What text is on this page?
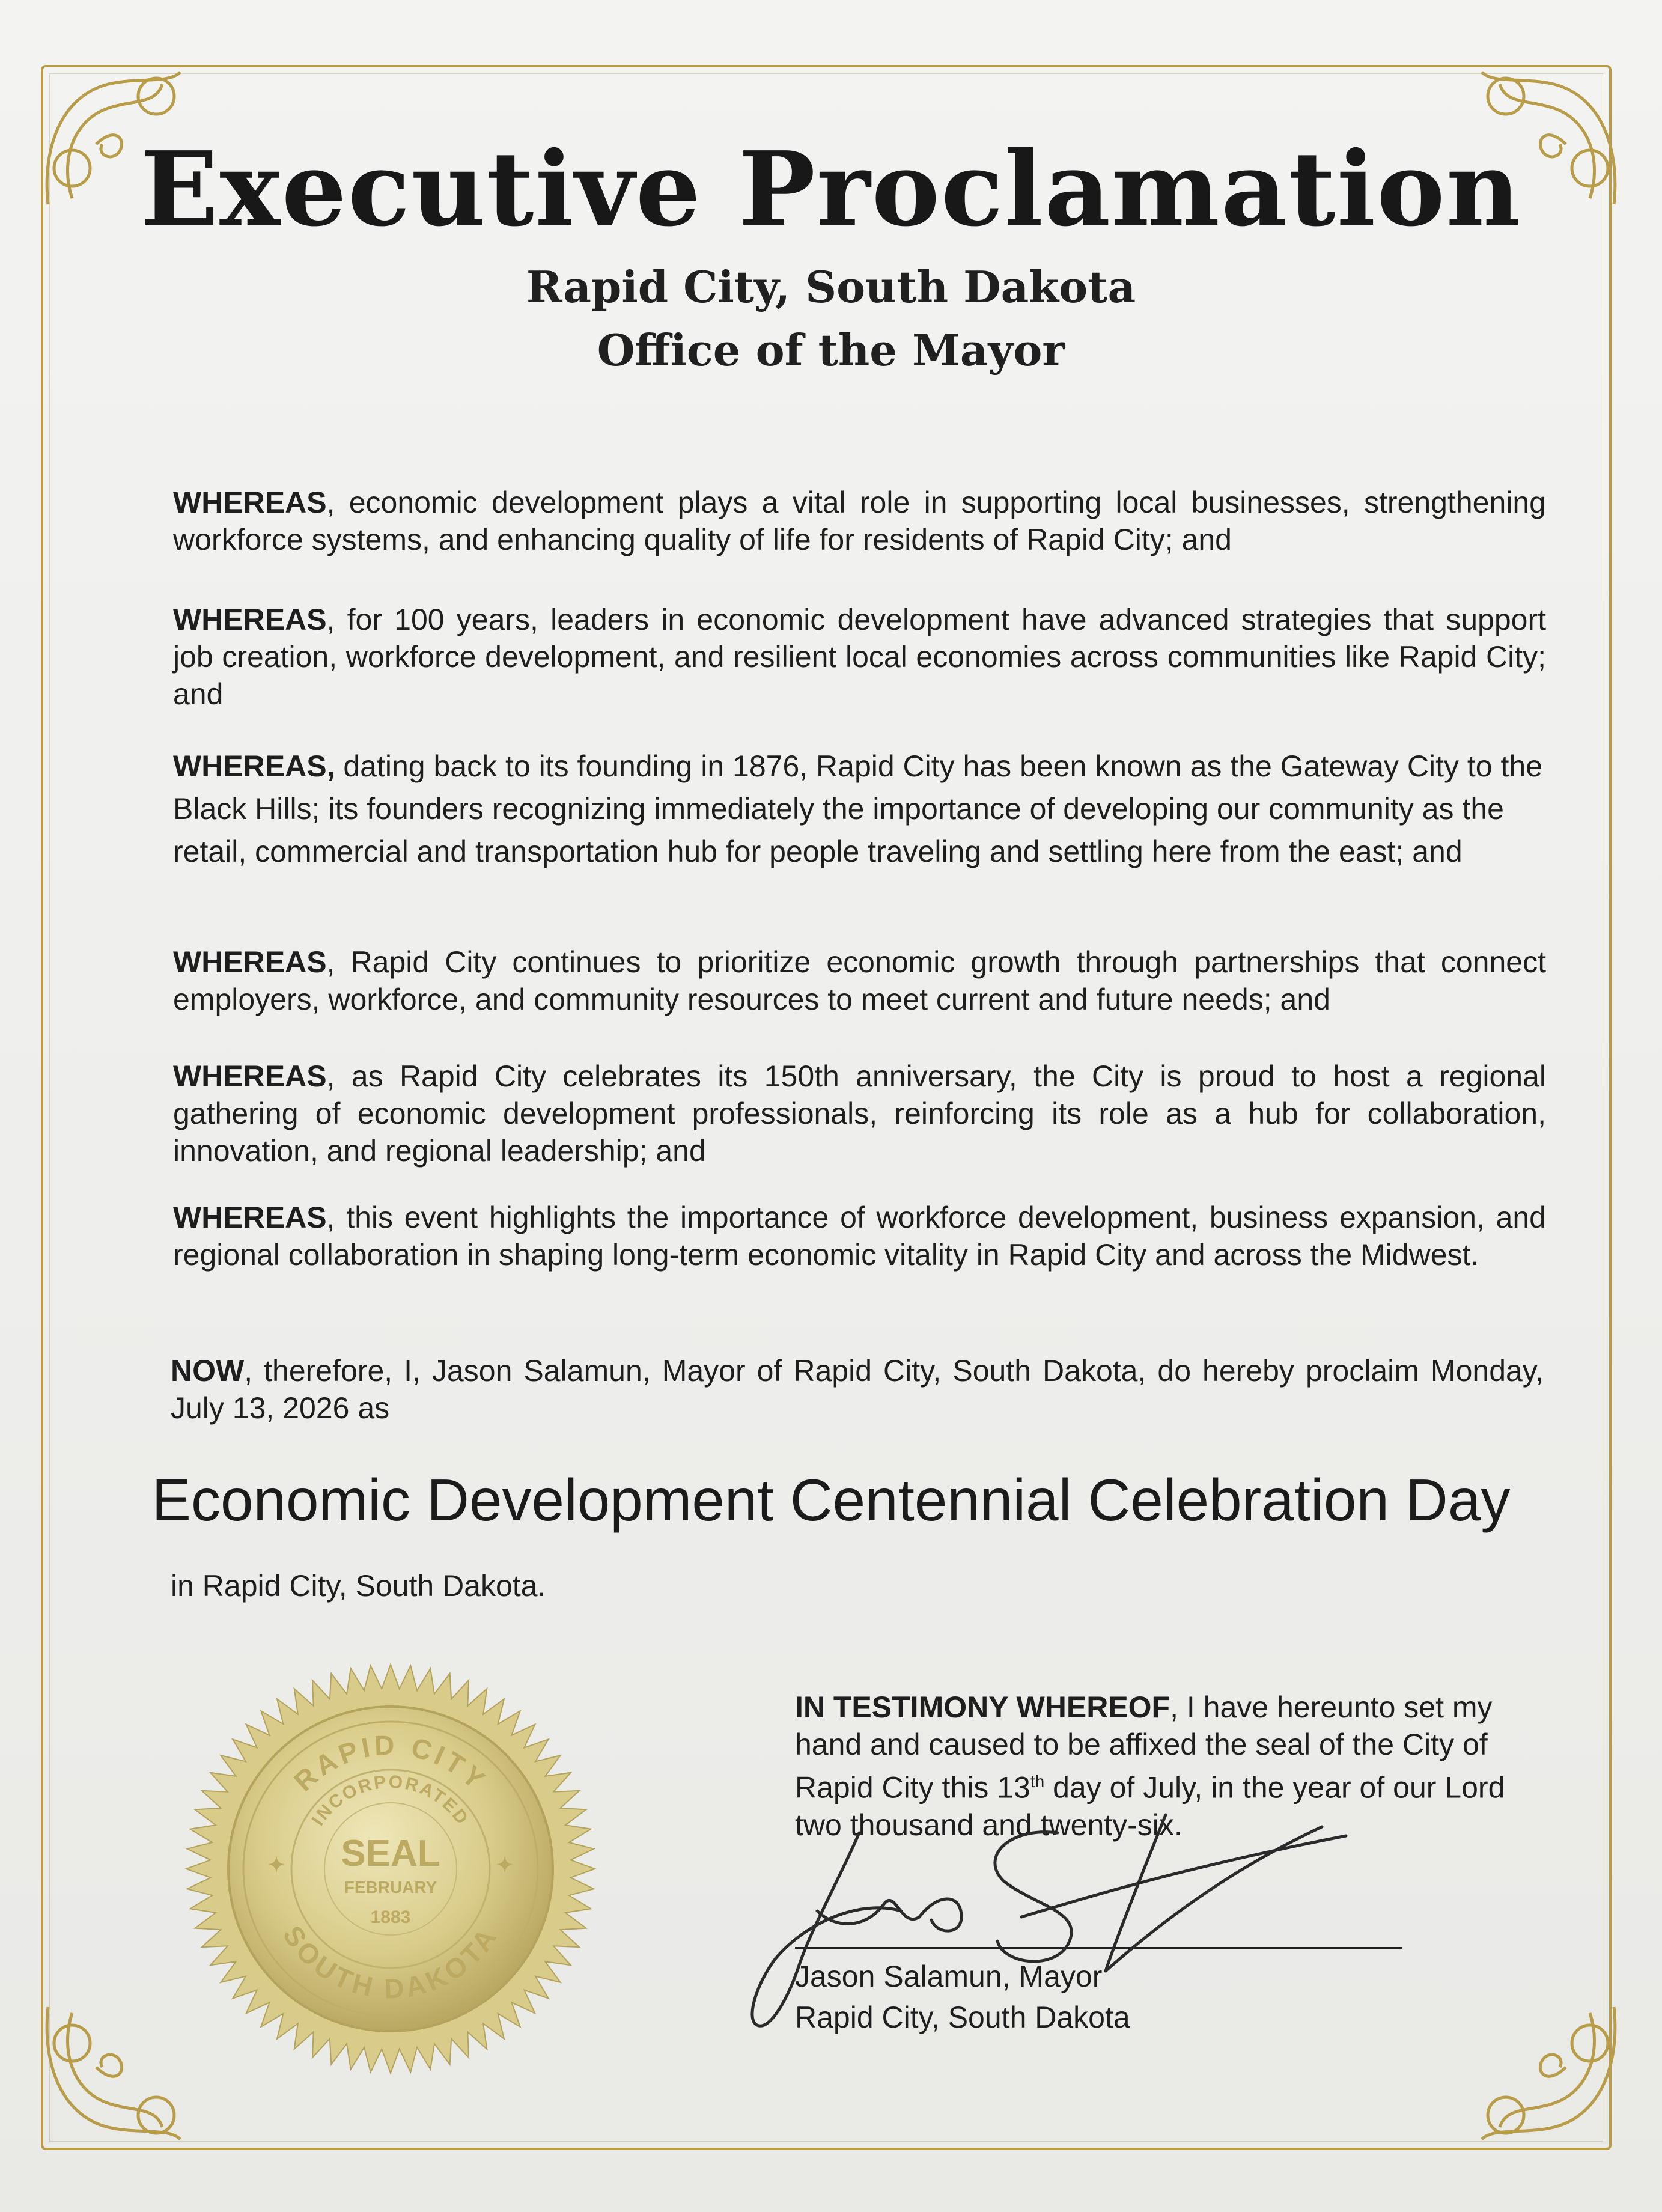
Executive Proclamation
Rapid City, South Dakota
Office of the Mayor
WHEREAS, economic development plays a vital role in supporting local businesses, strengthening workforce systems, and enhancing quality of life for residents of Rapid City; and
WHEREAS, for 100 years, leaders in economic development have advanced strategies that support job creation, workforce development, and resilient local economies across communities like Rapid City; and
WHEREAS, dating back to its founding in 1876, Rapid City has been known as the Gateway City to the Black Hills; its founders recognizing immediately the importance of developing our community as the retail, commercial and transportation hub for people traveling and settling here from the east; and
WHEREAS, Rapid City continues to prioritize economic growth through partnerships that connect employers, workforce, and community resources to meet current and future needs; and
WHEREAS, as Rapid City celebrates its 150th anniversary, the City is proud to host a regional gathering of economic development professionals, reinforcing its role as a hub for collaboration, innovation, and regional leadership; and
WHEREAS, this event highlights the importance of workforce development, business expansion, and regional collaboration in shaping long-term economic vitality in Rapid City and across the Midwest.
NOW, therefore, I, Jason Salamun, Mayor of Rapid City, South Dakota, do hereby proclaim Monday, July 13, 2026 as
Economic Development Centennial Celebration Day
in Rapid City, South Dakota.
IN TESTIMONY WHEREOF, I have hereunto set my hand and caused to be affixed the seal of the City of Rapid City this 13th day of July, in the year of our Lord two thousand and twenty-six.
Jason Salamun, Mayor
Rapid City, South Dakota
RAPID CITY
INCORPORATED
SOUTH DAKOTA
SEAL
FEBRUARY
1883
✦	✦
